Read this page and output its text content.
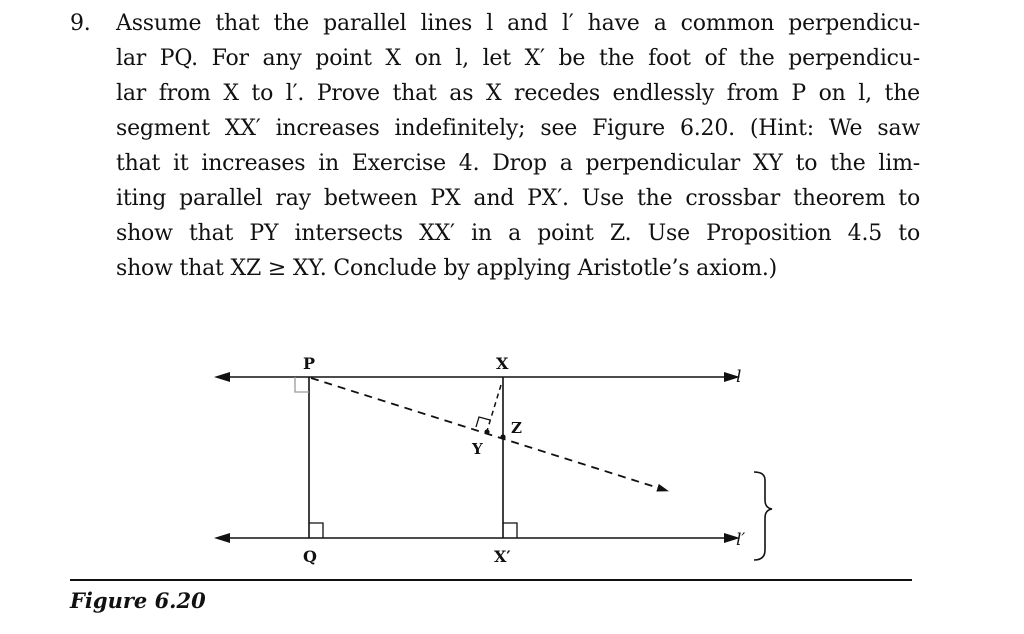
9. Assume that the parallel lines l and l′ have a common perpendicu-
lar PQ. For any point X on l, let X′ be the foot of the perpendicu-
lar from X to l′. Prove that as X recedes endlessly from P on l, the
segment XX′ increases indefinitely; see Figure 6.20. (Hint: We saw
that it increases in Exercise 4. Drop a perpendicular XY to the lim-
iting parallel ray between PX and PX′. Use the crossbar theorem to
show that PY intersects XX′ in a point Z. Use Proposition 4.5 to
show that XZ ≥ XY. Conclude by applying Aristotle’s axiom.)
P	X
l
Z
Y
Q	X′
l′
Figure 6.20
